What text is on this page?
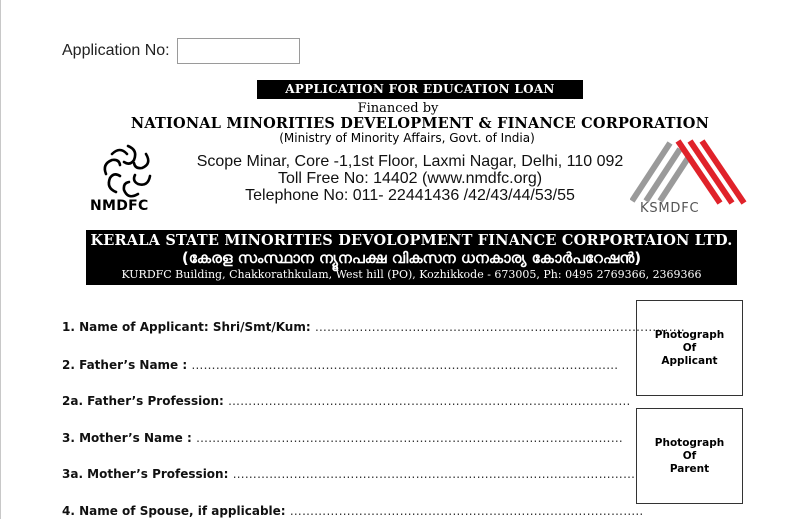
Application No:
APPLICATION FOR EDUCATION LOAN
Financed by
NATIONAL MINORITIES DEVELOPMENT & FINANCE CORPORATION
(Ministry of Minority Affairs, Govt. of India)
NMDFC
Scope Minar, Core -1,1st Floor, Laxmi Nagar, Delhi, 110 092
Toll Free No: 14402 (www.nmdfc.org)
Telephone No: 011- 22441436 /42/43/44/53/55
KSMDFC
KERALA STATE MINORITIES DEVOLOPMENT FINANCE CORPORTAION LTD.
(കേരള സംസ്ഥാന ന്യൂനപക്ഷ വികസന ധനകാര്യ കോർപറേഷൻ)
KURDFC Building, Chakkorathkulam, West hill (PO), Kozhikkode - 673005, Ph: 0495 2769366, 2369366
1. Name of Applicant: Shri/Smt/Kum: ……………………………………………………………………………….
2. Father’s Name : ……………………………………………………………………………………………
2a. Father’s Profession: ………………………………………………………………………………………
3. Mother’s Name : ……………………………………………………………………………………………
3a. Mother’s Profession: ………………………………………………………………………………………
4. Name of Spouse, if applicable: ………………………….………………………………………………..
Photograph
Of
Applicant
Photograph
Of
Parent
